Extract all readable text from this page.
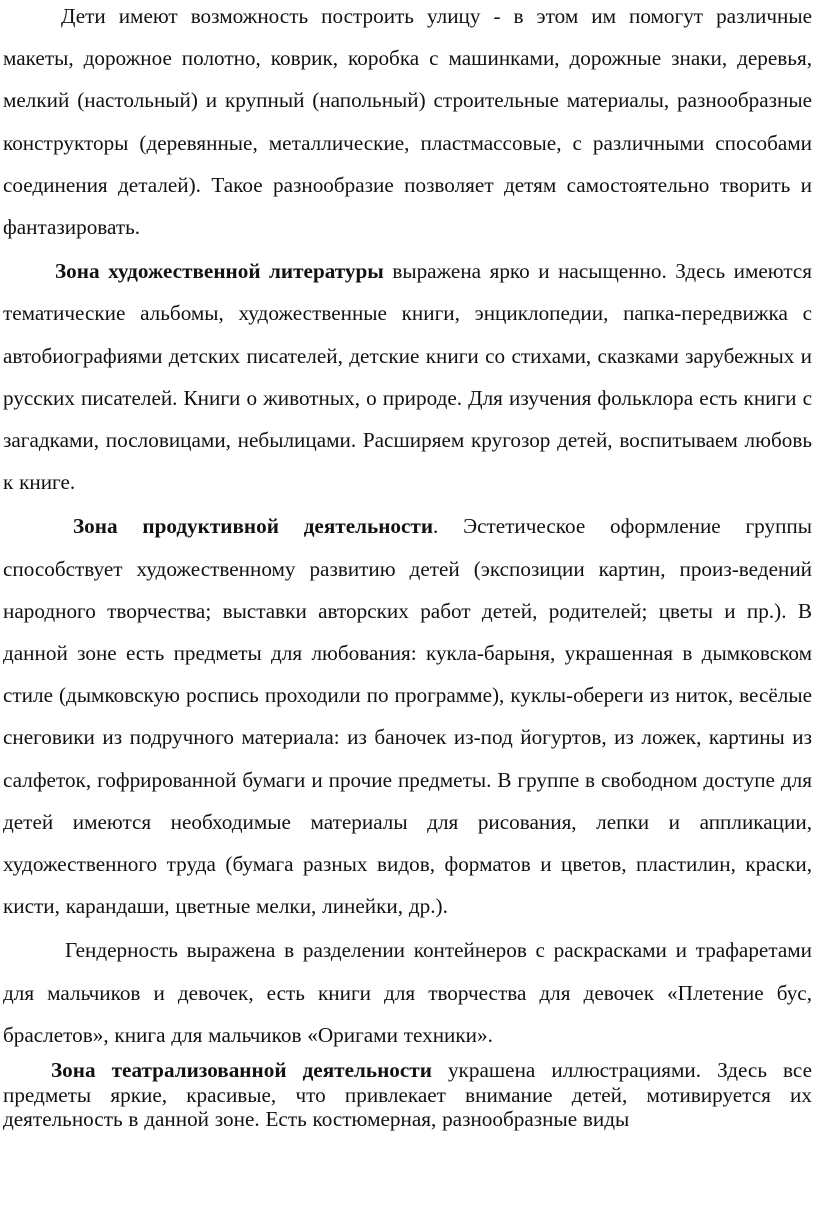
Дети имеют возможность построить улицу - в этом им помогут различные макеты, дорожное полотно, коврик, коробка с машинками, дорожные знаки, деревья, мелкий (настольный) и крупный (напольный) строительные материалы, разнообразные конструкторы (деревянные, металлические, пластмассовые, с различными способами соединения деталей). Такое разнообразие позволяет детям самостоятельно творить и фантазировать.

Зона художественной литературы выражена ярко и насыщенно. Здесь имеются тематические альбомы, художественные книги, энциклопедии, папка-передвижка с автобиографиями детских писателей, детские книги со стихами, сказками зарубежных и русских писателей. Книги о животных, о природе. Для изучения фольклора есть книги с загадками, пословицами, небылицами. Расширяем кругозор детей, воспитываем любовь к книге.

Зона продуктивной деятельности. Эстетическое оформление группы способствует художественному развитию детей (экспозиции картин, произ-ведений народного творчества; выставки авторских работ детей, родителей; цветы и пр.). В данной зоне есть предметы для любования: кукла-барыня, украшенная в дымковском стиле (дымковскую роспись проходили по программе), куклы-обереги из ниток, весёлые снеговики из подручного материала: из баночек из-под йогуртов, из ложек, картины из салфеток, гофрированной бумаги и прочие предметы. В группе в свободном доступе для детей имеются необходимые материалы для рисования, лепки и аппликации, художественного труда (бумага разных видов, форматов и цветов, пластилин, краски, кисти, карандаши, цветные мелки, линейки, др.).

Гендерность выражена в разделении контейнеров с раскрасками и трафаретами для мальчиков и девочек, есть книги для творчества для девочек «Плетение бус, браслетов», книга для мальчиков «Оригами техники».

Зона театрализованной деятельности украшена иллюстрациями. Здесь все предметы яркие, красивые, что привлекает внимание детей, мотивируется их деятельность в данной зоне. Есть костюмерная, разнообразные виды
